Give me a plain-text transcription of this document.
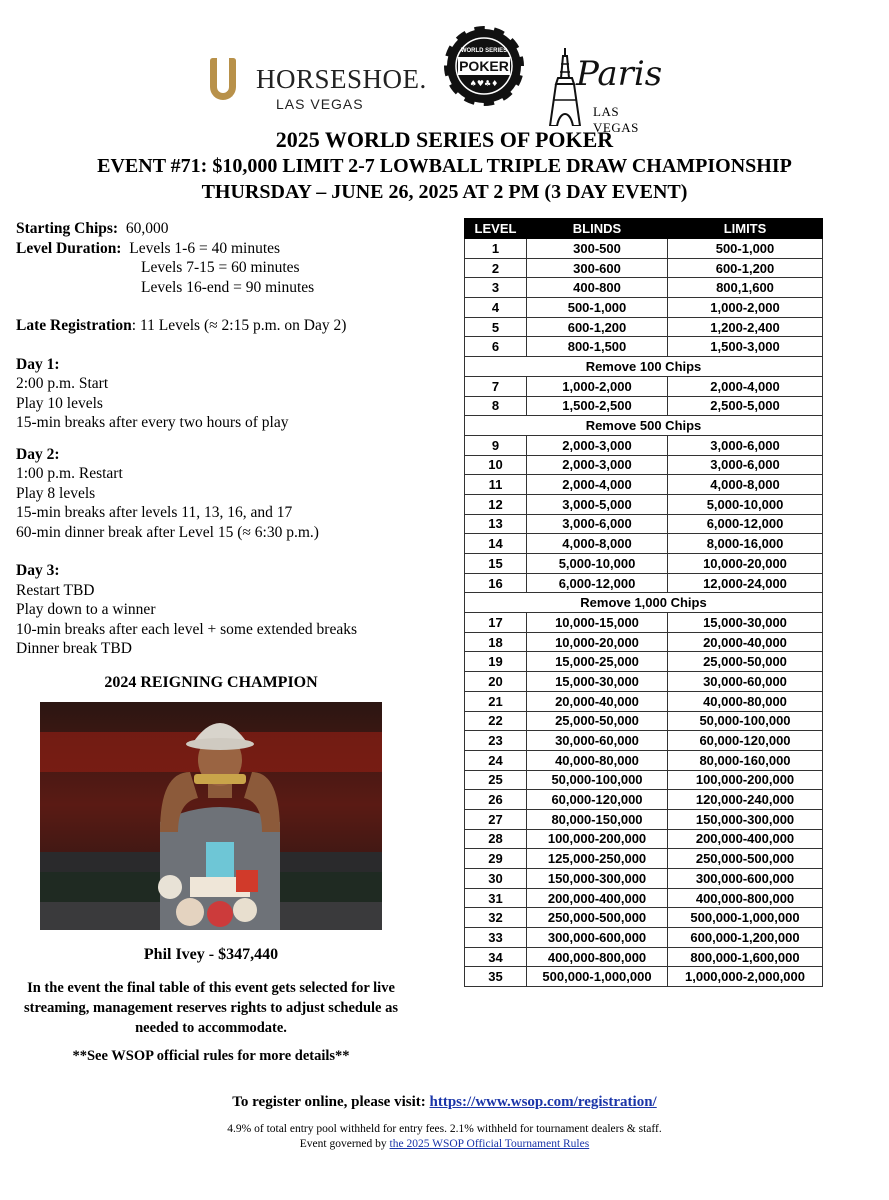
HORSESHOE.
LAS VEGAS
WORLD SERIES
POKER
♠♥♣♦ Paris
LAS VEGAS
2025 WORLD SERIES OF POKER
EVENT #71: $10,000 LIMIT 2-7 LOWBALL TRIPLE DRAW CHAMPIONSHIP
THURSDAY – JUNE 26, 2025 AT 2 PM (3 DAY EVENT)
Starting Chips: 60,000
Level Duration: Levels 1-6 = 40 minutes
Levels 7-15 = 60 minutes
Levels 16-end = 90 minutes
Late Registration: 11 Levels (≈ 2:15 p.m. on Day 2)
Day 1:
2:00 p.m. Start
Play 10 levels
15-min breaks after every two hours of play
Day 2:
1:00 p.m. Restart
Play 8 levels
15-min breaks after levels 11, 13, 16, and 17
60-min dinner break after Level 15 (≈ 6:30 p.m.)
Day 3:
Restart TBD
Play down to a winner
10-min breaks after each level + some extended breaks
Dinner break TBD
2024 REIGNING CHAMPION
Phil Ivey - $347,440
In the event the final table of this event gets selected for live streaming, management reserves rights to adjust schedule as needed to accommodate.
**See WSOP official rules for more details**
To register online, please visit: https://www.wsop.com/registration/
4.9% of total entry pool withheld for entry fees. 2.1% withheld for tournament dealers & staff.
Event governed by the 2025 WSOP Official Tournament Rules
LEVEL	BLINDS	LIMITS
1	300-500	500-1,000
2	300-600	600-1,200
3	400-800	800,1,600
4	500-1,000	1,000-2,000
5	600-1,200	1,200-2,400
6	800-1,500	1,500-3,000
Remove 100 Chips		
7	1,000-2,000	2,000-4,000
8	1,500-2,500	2,500-5,000
Remove 500 Chips		
9	2,000-3,000	3,000-6,000
10	2,000-3,000	3,000-6,000
11	2,000-4,000	4,000-8,000
12	3,000-5,000	5,000-10,000
13	3,000-6,000	6,000-12,000
14	4,000-8,000	8,000-16,000
15	5,000-10,000	10,000-20,000
16	6,000-12,000	12,000-24,000
Remove 1,000 Chips		
17	10,000-15,000	15,000-30,000
18	10,000-20,000	20,000-40,000
19	15,000-25,000	25,000-50,000
20	15,000-30,000	30,000-60,000
21	20,000-40,000	40,000-80,000
22	25,000-50,000	50,000-100,000
23	30,000-60,000	60,000-120,000
24	40,000-80,000	80,000-160,000
25	50,000-100,000	100,000-200,000
26	60,000-120,000	120,000-240,000
27	80,000-150,000	150,000-300,000
28	100,000-200,000	200,000-400,000
29	125,000-250,000	250,000-500,000
30	150,000-300,000	300,000-600,000
31	200,000-400,000	400,000-800,000
32	250,000-500,000	500,000-1,000,000
33	300,000-600,000	600,000-1,200,000
34	400,000-800,000	800,000-1,600,000
35	500,000-1,000,000	1,000,000-2,000,000
